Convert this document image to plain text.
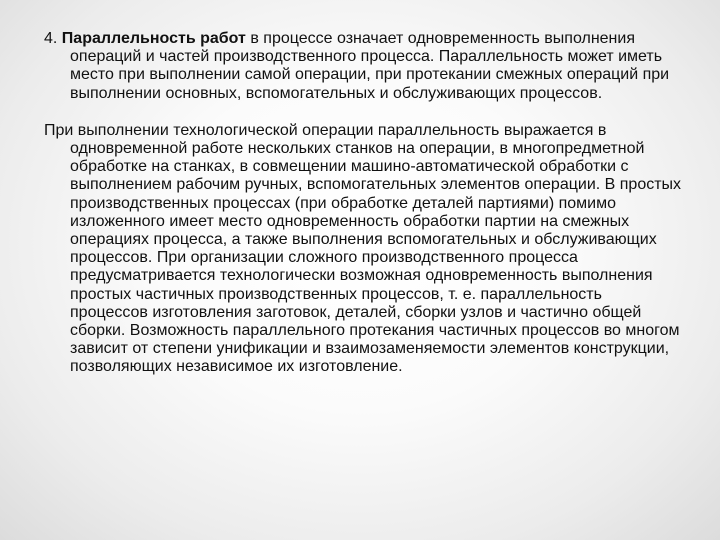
4. Параллельность работ в процессе означает одновременность выполнения операций и частей производственного процесса. Параллельность может иметь место при выполнении самой операции, при протекании смежных операций при выполнении основных, вспомогательных и обслуживающих процессов.

При выполнении технологической операции параллельность выражается в одновременной работе нескольких станков на операции, в многопредметной обработке на станках, в совмещении машино-автоматической обработки с выполнением рабочим ручных, вспомогательных элементов операции. В простых производственных процессах (при обработке деталей партиями) помимо изложенного имеет место одновременность обработки партии на смежных операциях процесса, а также выполнения вспомогательных и обслуживающих процессов. При организации сложного производственного процесса предусматривается технологически возможная одновременность выполнения простых частичных производственных процессов, т. е. параллельность процессов изготовления заготовок, деталей, сборки узлов и частично общей сборки. Возможность параллельного протекания частичных процессов во многом зависит от степени унификации и взаимозаменяемости элементов конструкции, позволяющих независимое их изготовление.
